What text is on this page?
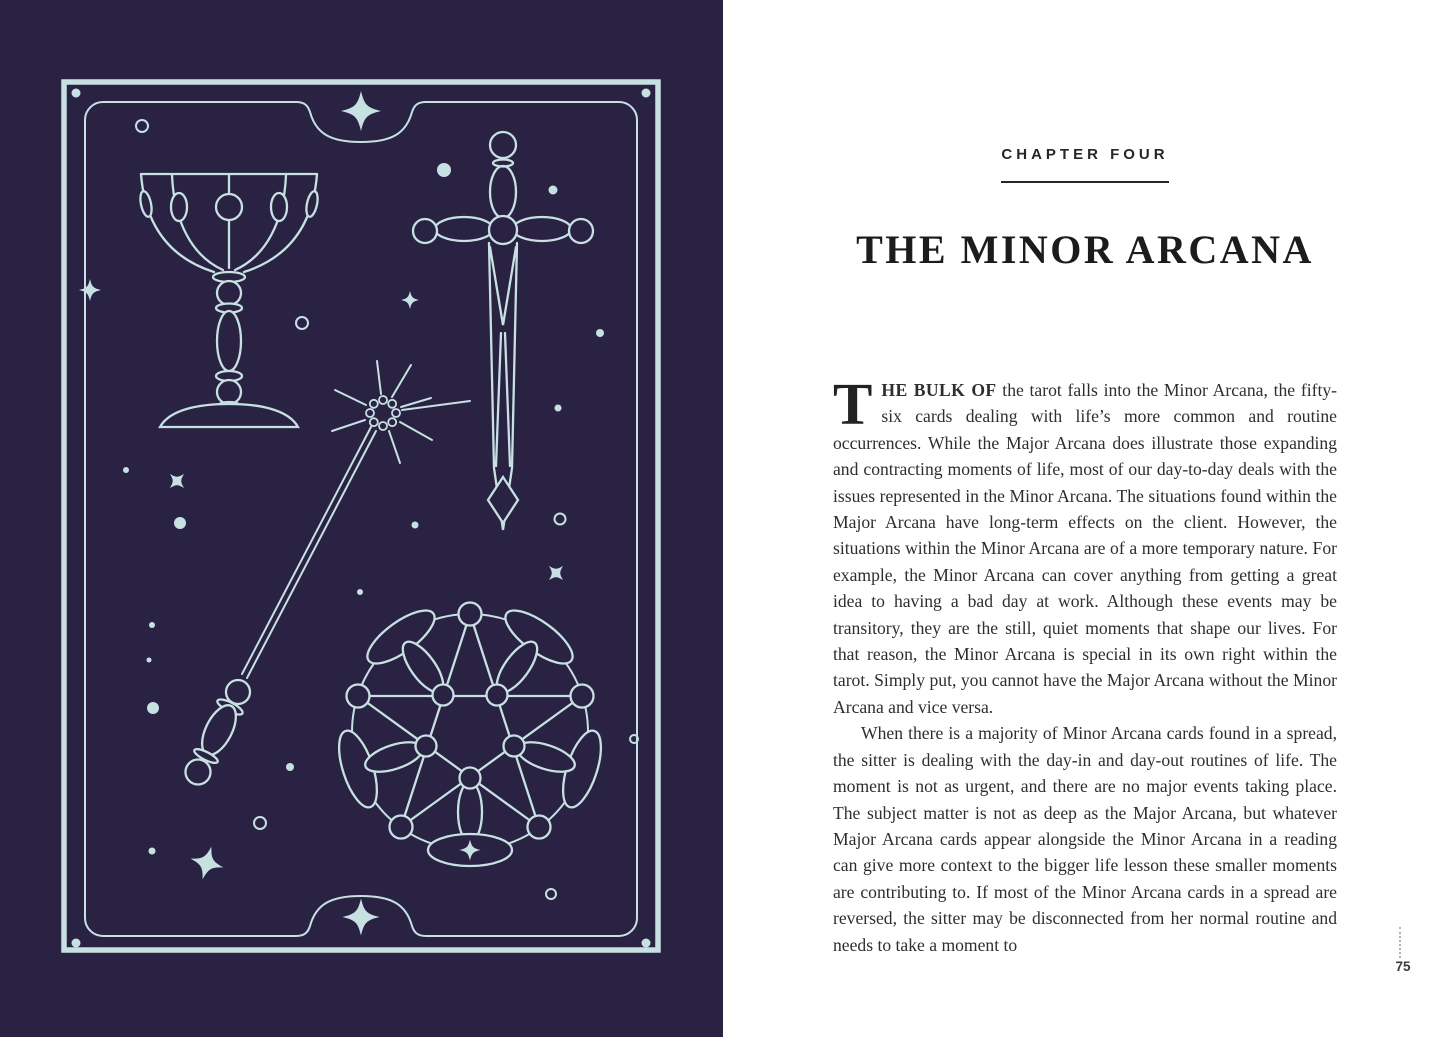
CHAPTER FOUR
THE MINOR ARCANA

THE BULK OF the tarot falls into the Minor Arcana, the fifty-six cards dealing with life’s more common and routine occurrences. While the Major Arcana does illustrate those expanding and contracting moments of life, most of our day-to-day deals with the issues represented in the Minor Arcana. The situations found within the Major Arcana have long-term effects on the client. However, the situations within the Minor Arcana are of a more temporary nature. For example, the Minor Arcana can cover anything from getting a great idea to having a bad day at work. Although these events may be transitory, they are the still, quiet moments that shape our lives. For that reason, the Minor Arcana is special in its own right within the tarot. Simply put, you cannot have the Major Arcana without the Minor Arcana and vice versa.

When there is a majority of Minor Arcana cards found in a spread, the sitter is dealing with the day-in and day-out routines of life. The moment is not as urgent, and there are no major events taking place. The subject matter is not as deep as the Major Arcana, but whatever Major Arcana cards appear alongside the Minor Arcana in a reading can give more context to the bigger life lesson these smaller moments are contributing to. If most of the Minor Arcana cards in a spread are reversed, the sitter may be disconnected from her normal routine and needs to take a moment to

75
